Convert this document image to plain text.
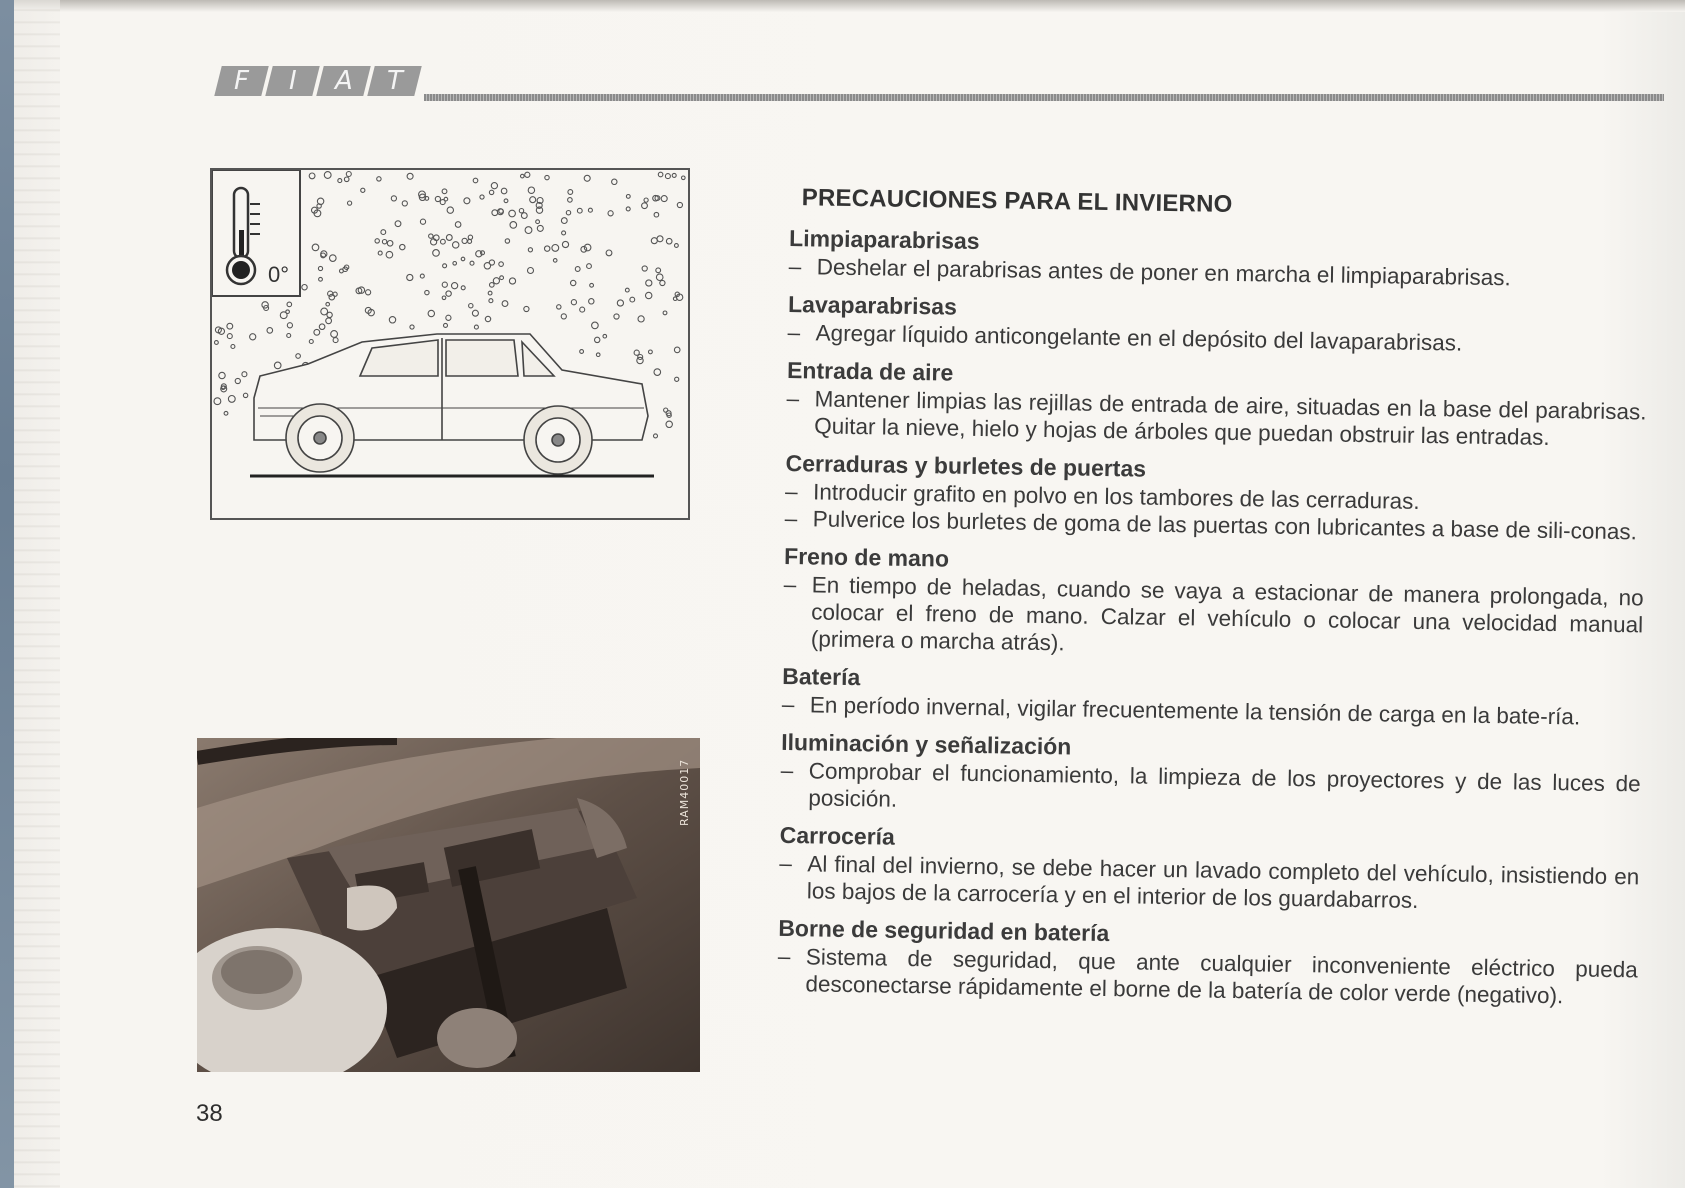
F I A T
0°
RAM40017
38
PRECAUCIONES PARA EL INVIERNO
Limpiaparabrisas
– Deshelar el parabrisas antes de poner en marcha el limpiaparabrisas.
Lavaparabrisas
– Agregar líquido anticongelante en el depósito del lavaparabrisas.
Entrada de aire
– Mantener limpias las rejillas de entrada de aire, situadas en la base del parabrisas. Quitar la nieve, hielo y hojas de árboles que puedan obstruir las entradas.
Cerraduras y burletes de puertas
– Introducir grafito en polvo en los tambores de las cerraduras.
– Pulverice los burletes de goma de las puertas con lubricantes a base de sili-conas.
Freno de mano
– En tiempo de heladas, cuando se vaya a estacionar de manera prolongada, no colocar el freno de mano. Calzar el vehículo o colocar una velocidad manual (primera o marcha atrás).
Batería
– En período invernal, vigilar frecuentemente la tensión de carga en la bate-ría.
Iluminación y señalización
– Comprobar el funcionamiento, la limpieza de los proyectores y de las luces de posición.
Carrocería
– Al final del invierno, se debe hacer un lavado completo del vehículo, insistiendo en los bajos de la carrocería y en el interior de los guardabarros.
Borne de seguridad en batería
– Sistema de seguridad, que ante cualquier inconveniente eléctrico pueda desconectarse rápidamente el borne de la batería de color verde (negativo).
